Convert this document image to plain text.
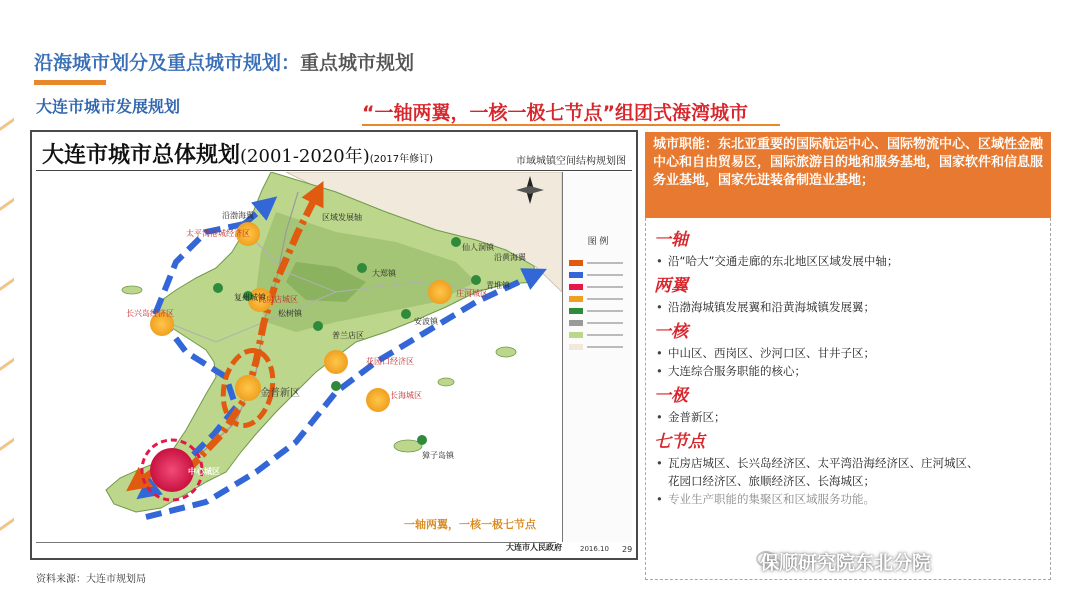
沿海城市划分及重点城市规划：重点城市规划
大连市城市发展规划	“一轴两翼，一核一极七节点”组团式海湾城市
大连市城市总体规划(2001-2020年)(2017年修订)	市域城镇空间结构规划图
沿渤海翼
沿黄海翼
区域发展轴
太平湾港城经济区
长兴岛经济区
瓦房店城区
庄河城区
花园口经济区
长海城区
金普新区
中心城区
獐子岛镇
复州城镇
松树镇
普兰店区
大郑镇
安波镇
仙人洞镇
青堆镇
一轴两翼，一核一极七节点
图 例
大连市人民政府	2016.10 29
资料来源：大连市规划局
城市职能：东北亚重要的国际航运中心、国际物流中心、区域性金融中心和自由贸易区，国际旅游目的地和服务基地，国家软件和信息服务业基地，国家先进装备制造业基地；
一轴
• 沿“哈大”交通走廊的东北地区区域发展中轴；
两翼
• 沿渤海城镇发展翼和沿黄海城镇发展翼；
一核
• 中山区、西岗区、沙河口区、甘井子区；
• 大连综合服务职能的核心；
一极
• 金普新区；
七节点
• 瓦房店城区、长兴岛经济区、太平湾沿海经济区、庄河城区、
花园口经济区、旅顺经济区、长海城区；
• 专业生产职能的集聚区和区域服务功能。
保顺研究院东北分院
